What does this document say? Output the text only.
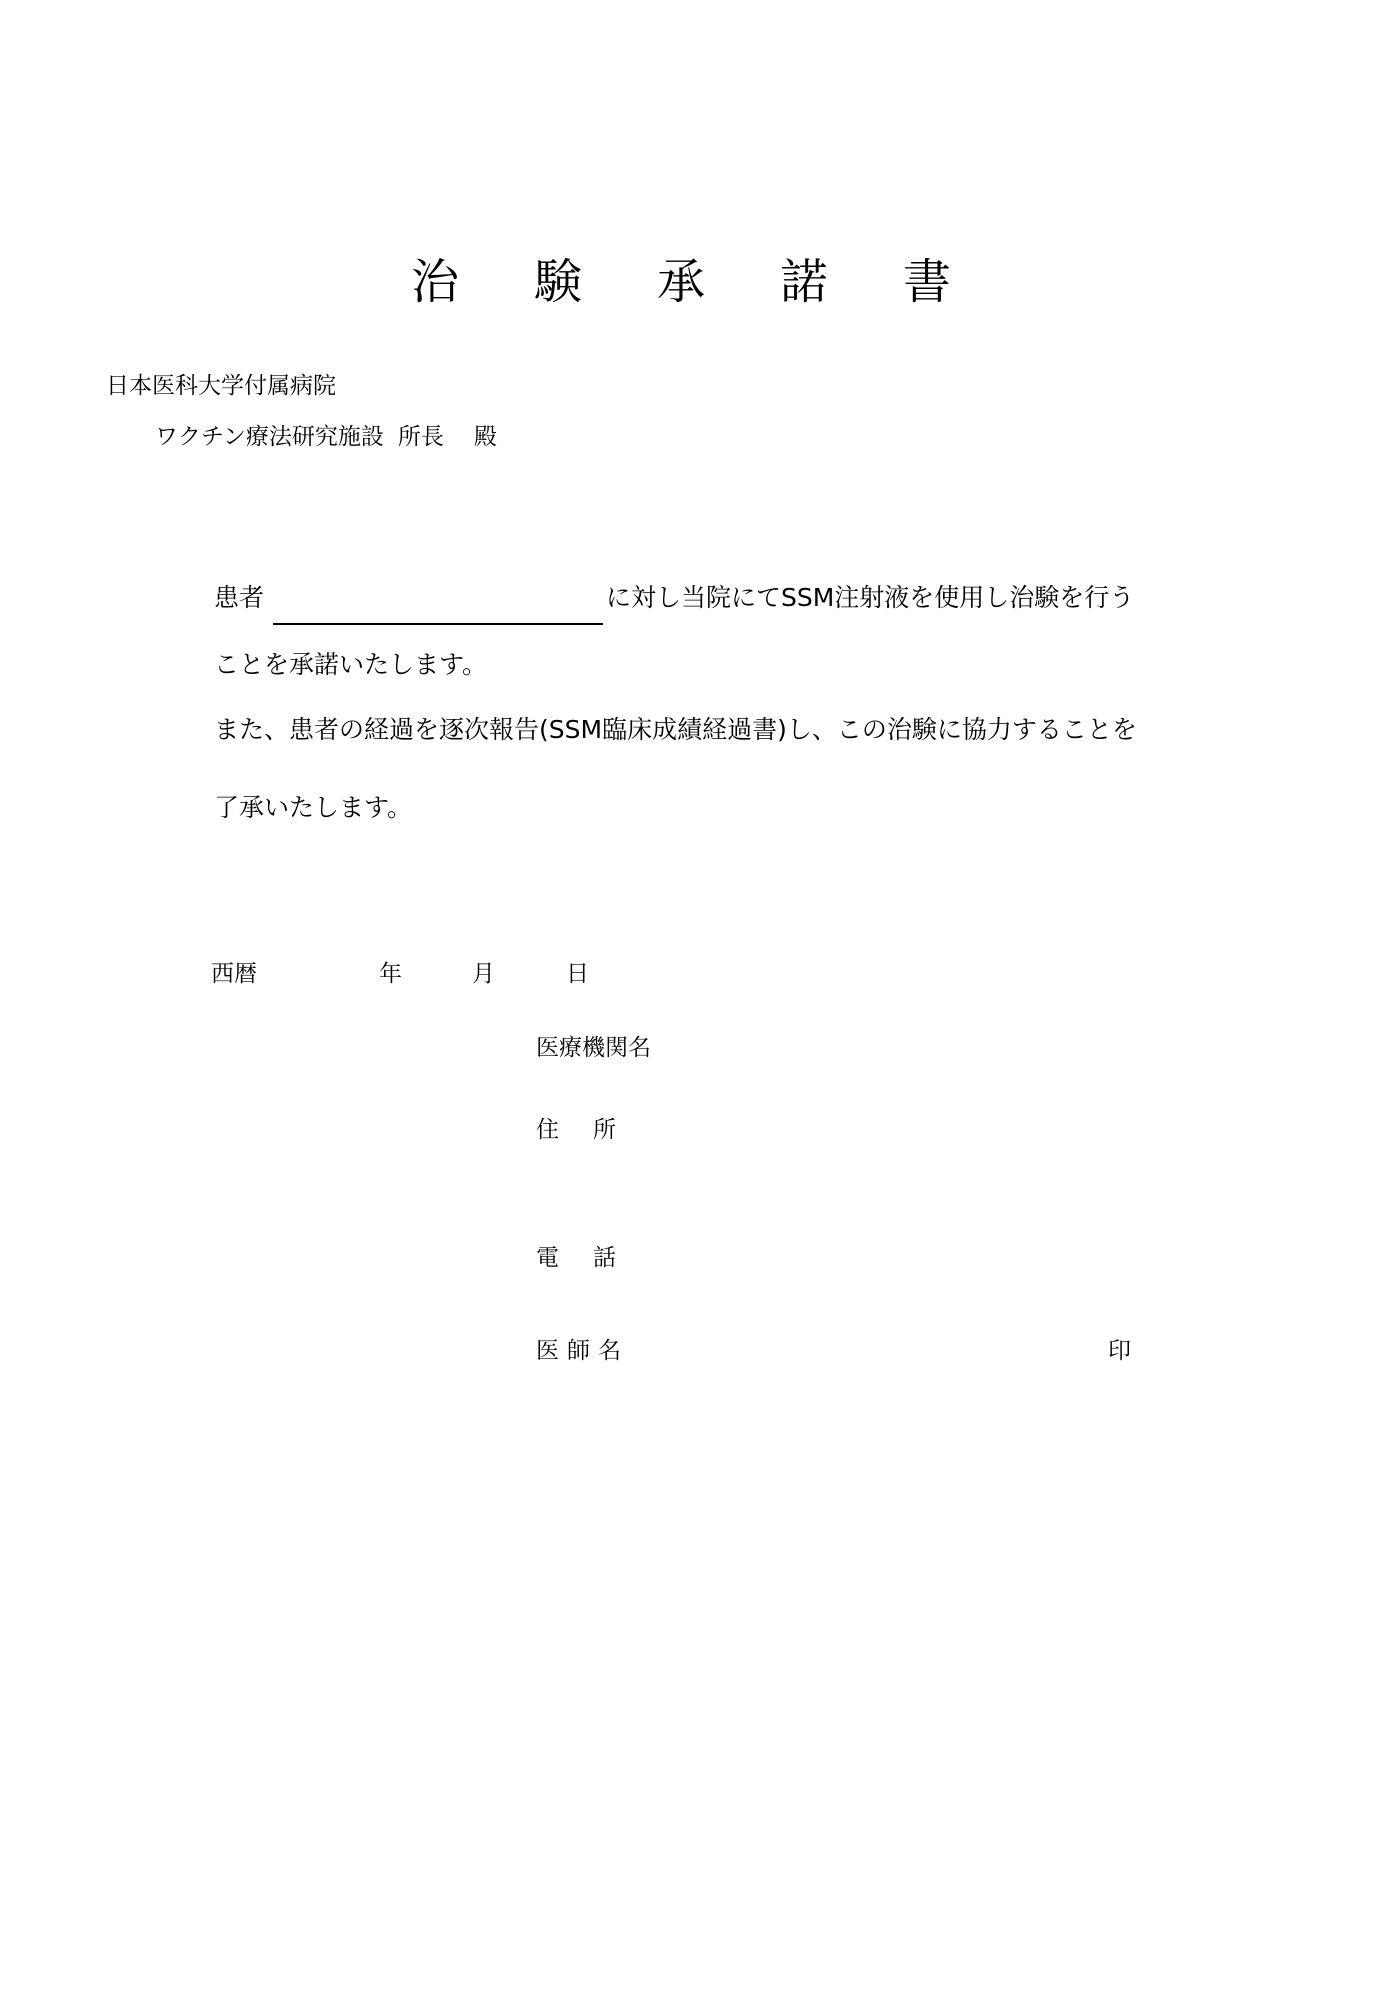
治 験 承 諾 書
日本医科大学付属病院
ワクチン療法研究施設 所長 殿
患者	に対し当院にてSSM注射液を使用し治験を行う
ことを承諾いたします。
また、患者の経過を逐次報告(SSM臨床成績経過書)し、この治験に協力することを
了承いたします。
西暦	年	月	日
医療機関名
住所
電話
医師名	印
